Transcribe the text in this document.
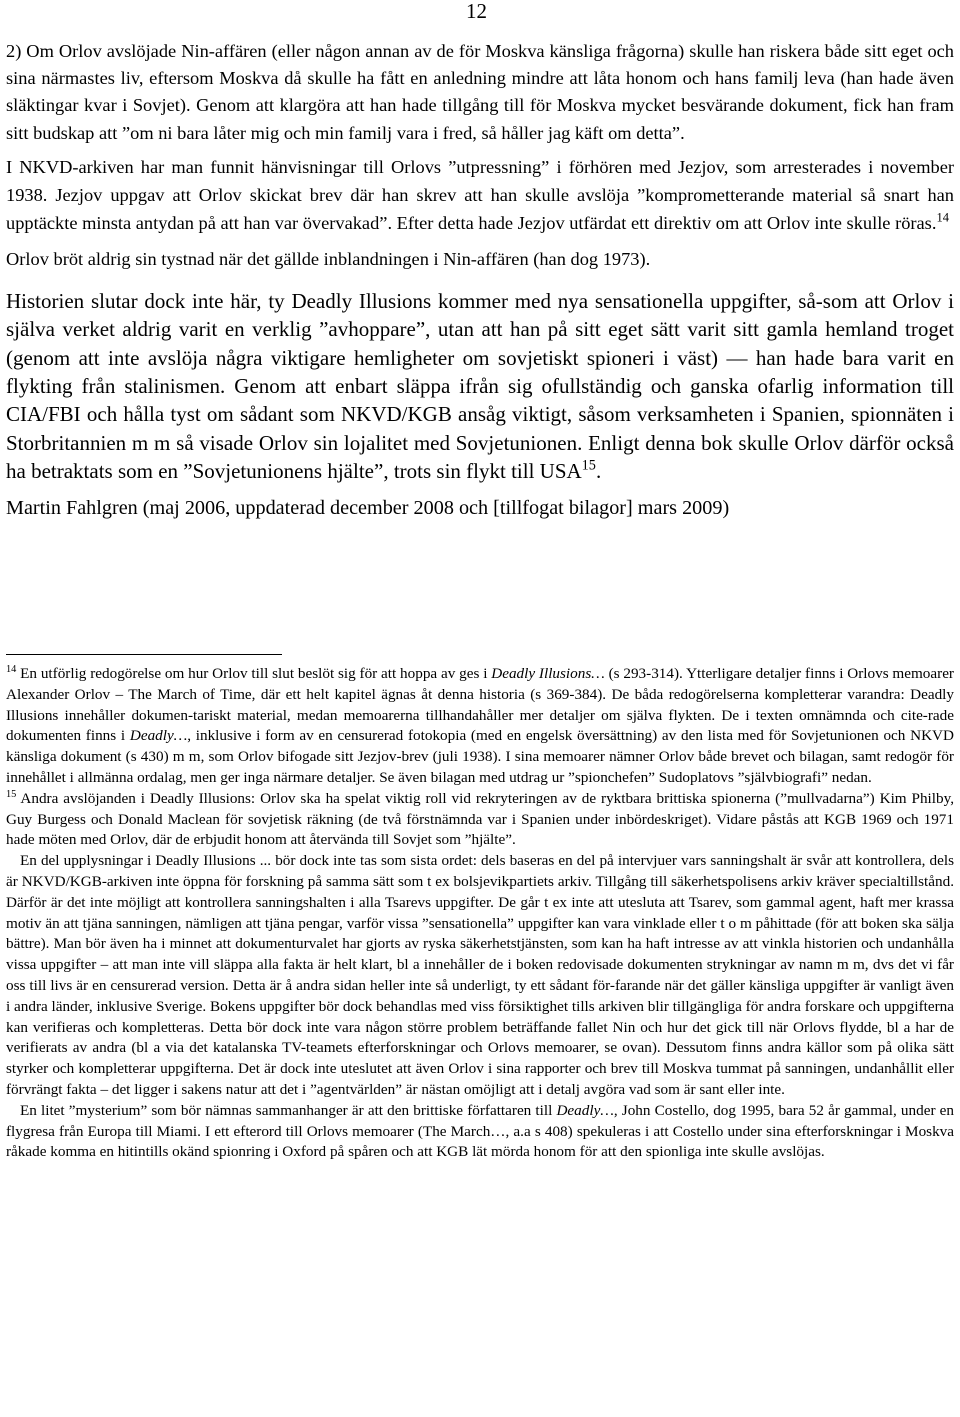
12

2) Om Orlov avslöjade Nin-affären (eller någon annan av de för Moskva känsliga frågorna) skulle han riskera både sitt eget och sina närmastes liv, eftersom Moskva då skulle ha fått en anledning mindre att låta honom och hans familj leva (han hade även släktingar kvar i Sovjet). Genom att klargöra att han hade tillgång till för Moskva mycket besvärande dokument, fick han fram sitt budskap att ”om ni bara låter mig och min familj vara i fred, så håller jag käft om detta”.

I NKVD-arkiven har man funnit hänvisningar till Orlovs ”utpressning” i förhören med Jezjov, som arresterades i november 1938. Jezjov uppgav att Orlov skickat brev där han skrev att han skulle avslöja ”komprometterande material så snart han upptäckte minsta antydan på att han var övervakad”. Efter detta hade Jezjov utfärdat ett direktiv om att Orlov inte skulle röras.$^{14}$

Orlov bröt aldrig sin tystnad när det gällde inblandningen i Nin-affären (han dog 1973).

Historien slutar dock inte här, ty Deadly Illusions kommer med nya sensationella uppgifter, så-som att Orlov i själva verket aldrig varit en verklig ”avhoppare”, utan att han på sitt eget sätt varit sitt gamla hemland troget (genom att inte avslöja några viktigare hemligheter om sovjetiskt spioneri i väst) — han hade bara varit en flykting från stalinismen. Genom att enbart släppa ifrån sig ofullständig och ganska ofarlig information till CIA/FBI och hålla tyst om sådant som NKVD/KGB ansåg viktigt, såsom verksamheten i Spanien, spionnäten i Storbritannien m m så visade Orlov sin lojalitet med Sovjetunionen. Enligt denna bok skulle Orlov därför också ha betraktats som en ”Sovjetunionens hjälte”, trots sin flykt till USA$^{15}$.

Martin Fahlgren (maj 2006, uppdaterad december 2008 och [tillfogat bilagor] mars 2009)

$^{14}$ En utförlig redogörelse om hur Orlov till slut beslöt sig för att hoppa av ges i Deadly Illusions… (s 293-314). Ytterligare detaljer finns i Orlovs memoarer Alexander Orlov – The March of Time, där ett helt kapitel ägnas åt denna historia (s 369-384). De båda redogörelserna kompletterar varandra: Deadly Illusions innehåller dokumen-tariskt material, medan memoarerna tillhandahåller mer detaljer om själva flykten. De i texten omnämnda och cite-rade dokumenten finns i Deadly…, inklusive i form av en censurerad fotokopia (med en engelsk översättning) av den lista med för Sovjetunionen och NKVD känsliga dokument (s 430) m m, som Orlov bifogade sitt Jezjov-brev (juli 1938). I sina memoarer nämner Orlov både brevet och bilagan, samt redogör för innehållet i allmänna ordalag, men ger inga närmare detaljer. Se även bilagan med utdrag ur ”spionchefen” Sudoplatovs ”självbiografi” nedan.

$^{15}$ Andra avslöjanden i Deadly Illusions: Orlov ska ha spelat viktig roll vid rekryteringen av de ryktbara brittiska spionerna (”mullvadarna”) Kim Philby, Guy Burgess och Donald Maclean för sovjetisk räkning (de två förstnämnda var i Spanien under inbördeskriget). Vidare påstås att KGB 1969 och 1971 hade möten med Orlov, där de erbjudit honom att återvända till Sovjet som ”hjälte”.

En del upplysningar i Deadly Illusions ... bör dock inte tas som sista ordet: dels baseras en del på intervjuer vars sanningshalt är svår att kontrollera, dels är NKVD/KGB-arkiven inte öppna för forskning på samma sätt som t ex bolsjevikpartiets arkiv. Tillgång till säkerhetspolisens arkiv kräver specialtillstånd. Därför är det inte möjligt att kontrollera sanningshalten i alla Tsarevs uppgifter. De går t ex inte att utesluta att Tsarev, som gammal agent, haft mer krassa motiv än att tjäna sanningen, nämligen att tjäna pengar, varför vissa ”sensationella” uppgifter kan vara vinklade eller t o m påhittade (för att boken ska sälja bättre). Man bör även ha i minnet att dokumenturvalet har gjorts av ryska säkerhetstjänsten, som kan ha haft intresse av att vinkla historien och undanhålla vissa uppgifter – att man inte vill släppa alla fakta är helt klart, bl a innehåller de i boken redovisade dokumenten strykningar av namn m m, dvs det vi får oss till livs är en censurerad version. Detta är å andra sidan heller inte så underligt, ty ett sådant för-farande när det gäller känsliga uppgifter är vanligt även i andra länder, inklusive Sverige. Bokens uppgifter bör dock behandlas med viss försiktighet tills arkiven blir tillgängliga för andra forskare och uppgifterna kan verifieras och kompletteras. Detta bör dock inte vara någon större problem beträffande fallet Nin och hur det gick till när Orlovs flydde, bl a har de verifierats av andra (bl a via det katalanska TV-teamets efterforskningar och Orlovs memoarer, se ovan). Dessutom finns andra källor som på olika sätt styrker och kompletterar uppgifterna. Det är dock inte uteslutet att även Orlov i sina rapporter och brev till Moskva tummat på sanningen, undanhållit eller förvrängt fakta – det ligger i sakens natur att det i ”agentvärlden” är nästan omöjligt att i detalj avgöra vad som är sant eller inte.

En litet ”mysterium” som bör nämnas sammanhanger är att den brittiske författaren till Deadly…, John Costello, dog 1995, bara 52 år gammal, under en flygresa från Europa till Miami. I ett efterord till Orlovs memoarer (The March…, a.a s 408) spekuleras i att Costello under sina efterforskningar i Moskva råkade komma en hitintills okänd spionring i Oxford på spåren och att KGB lät mörda honom för att den spionliga inte skulle avslöjas.
